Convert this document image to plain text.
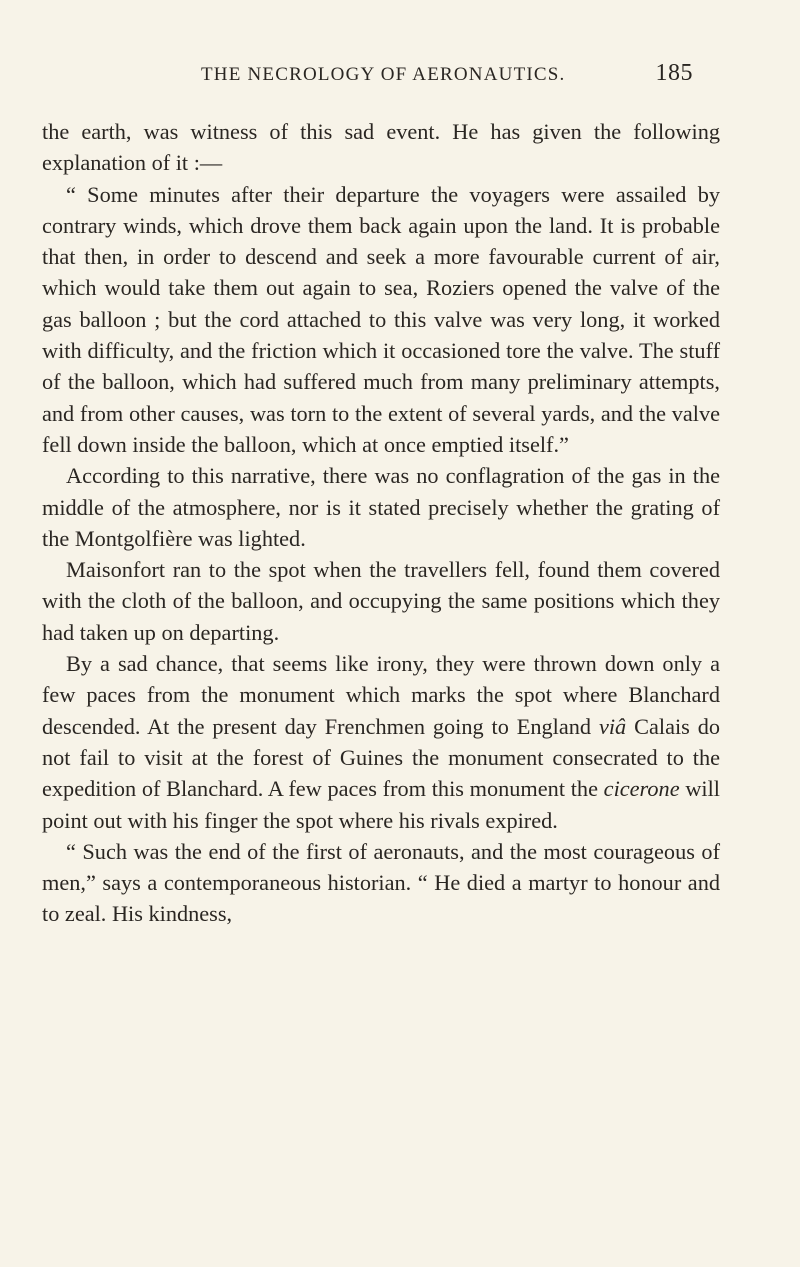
THE NECROLOGY OF AERONAUTICS.	185

the earth, was witness of this sad event. He has given the following explanation of it :—

“ Some minutes after their departure the voyagers were assailed by contrary winds, which drove them back again upon the land. It is probable that then, in order to descend and seek a more favourable current of air, which would take them out again to sea, Roziers opened the valve of the gas balloon ; but the cord attached to this valve was very long, it worked with difficulty, and the friction which it occasioned tore the valve. The stuff of the balloon, which had suffered much from many preliminary attempts, and from other causes, was torn to the extent of several yards, and the valve fell down inside the balloon, which at once emptied itself.”

According to this narrative, there was no conflagration of the gas in the middle of the atmosphere, nor is it stated precisely whether the grating of the Montgolfière was lighted.

Maisonfort ran to the spot when the travellers fell, found them covered with the cloth of the balloon, and occupying the same positions which they had taken up on departing.

By a sad chance, that seems like irony, they were thrown down only a few paces from the monument which marks the spot where Blanchard descended. At the present day Frenchmen going to England viâ Calais do not fail to visit at the forest of Guines the monument consecrated to the expedition of Blanchard. A few paces from this monument the cicerone will point out with his finger the spot where his rivals expired.

“ Such was the end of the first of aeronauts, and the most courageous of men,” says a contemporaneous historian. “ He died a martyr to honour and to zeal. His kindness,
